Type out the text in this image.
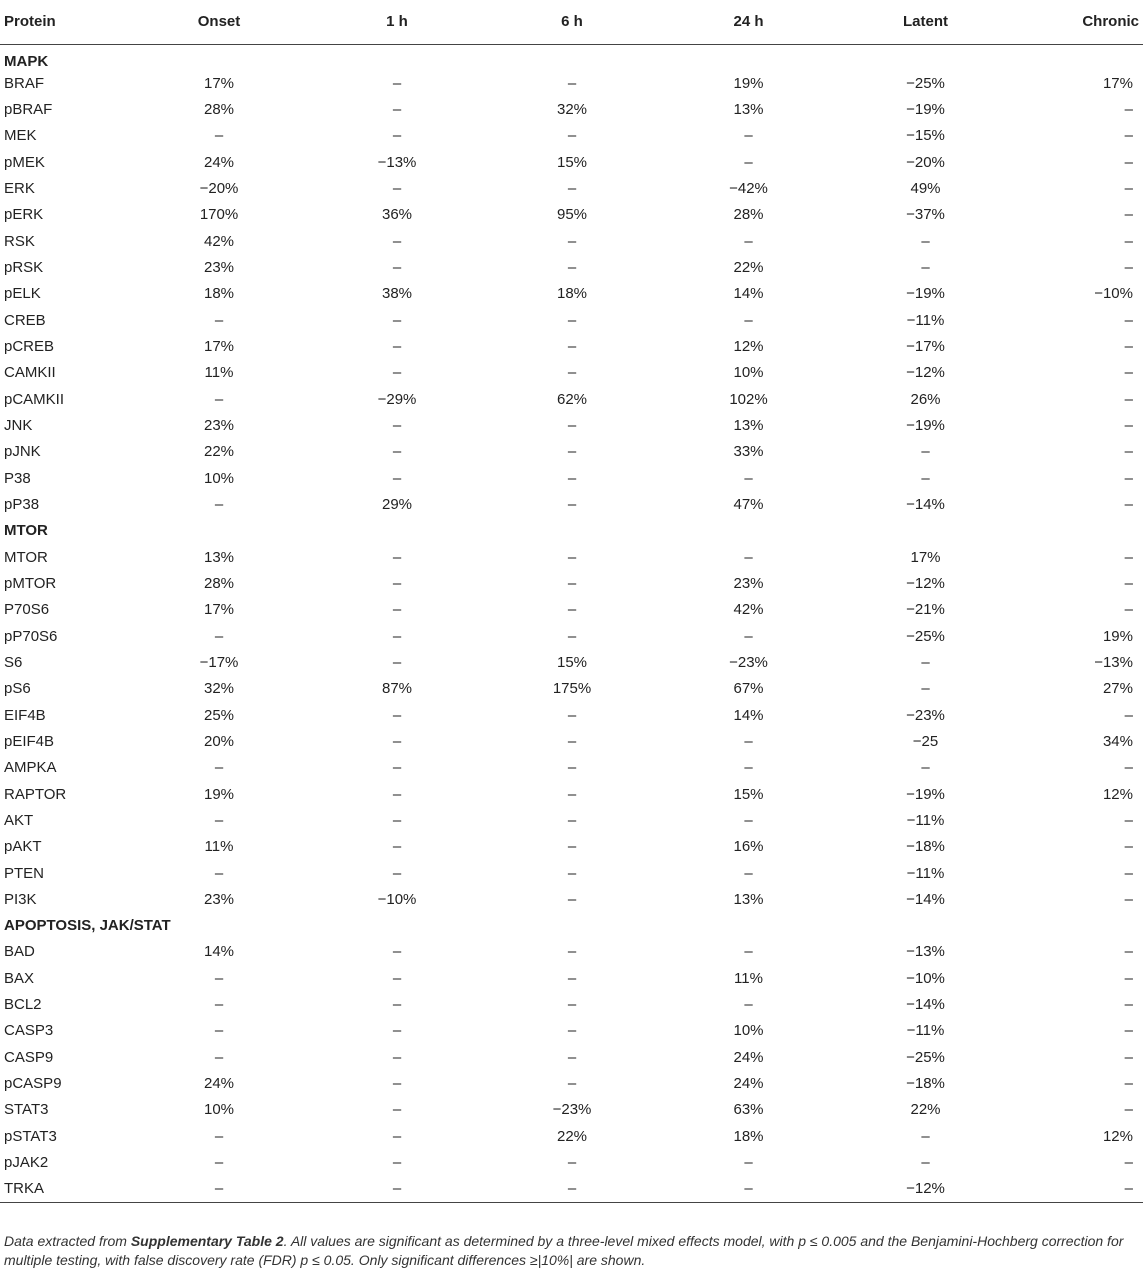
Protein	Onset	1 h	6 h	24 h	Latent	Chronic
MAPK						
BRAF	17%	–	–	19%	−25%	17%
pBRAF	28%	–	32%	13%	−19%	–
MEK	–	–	–	–	−15%	–
pMEK	24%	−13%	15%	–	−20%	–
ERK	−20%	–	–	−42%	49%	–
pERK	170%	36%	95%	28%	−37%	–
RSK	42%	–	–	–	–	–
pRSK	23%	–	–	22%	–	–
pELK	18%	38%	18%	14%	−19%	−10%
CREB	–	–	–	–	−11%	–
pCREB	17%	–	–	12%	−17%	–
CAMKII	11%	–	–	10%	−12%	–
pCAMKII	–	−29%	62%	102%	26%	–
JNK	23%	–	–	13%	−19%	–
pJNK	22%	–	–	33%	–	–
P38	10%	–	–	–	–	–
pP38	–	29%	–	47%	−14%	–
MTOR						
MTOR	13%	–	–	–	17%	–
pMTOR	28%	–	–	23%	−12%	–
P70S6	17%	–	–	42%	−21%	–
pP70S6	–	–	–	–	−25%	19%
S6	−17%	–	15%	−23%	–	−13%
pS6	32%	87%	175%	67%	–	27%
EIF4B	25%	–	–	14%	−23%	–
pEIF4B	20%	–	–	–	−25	34%
AMPKA	–	–	–	–	–	–
RAPTOR	19%	–	–	15%	−19%	12%
AKT	–	–	–	–	−11%	–
pAKT	11%	–	–	16%	−18%	–
PTEN	–	–	–	–	−11%	–
PI3K	23%	−10%	–	13%	−14%	–
APOPTOSIS, JAK/STAT						
BAD	14%	–	–	–	−13%	–
BAX	–	–	–	11%	−10%	–
BCL2	–	–	–	–	−14%	–
CASP3	–	–	–	10%	−11%	–
CASP9	–	–	–	24%	−25%	–
pCASP9	24%	–	–	24%	−18%	–
STAT3	10%	–	−23%	63%	22%	–
pSTAT3	–	–	22%	18%	–	12%
pJAK2	–	–	–	–	–	–
TRKA	–	–	–	–	−12%	–
Data extracted from Supplementary Table 2. All values are significant as determined by a three-level mixed effects model, with p ≤ 0.005 and the Benjamini-Hochberg correction for multiple testing, with false discovery rate (FDR) p ≤ 0.05. Only significant differences ≥|10%| are shown.
